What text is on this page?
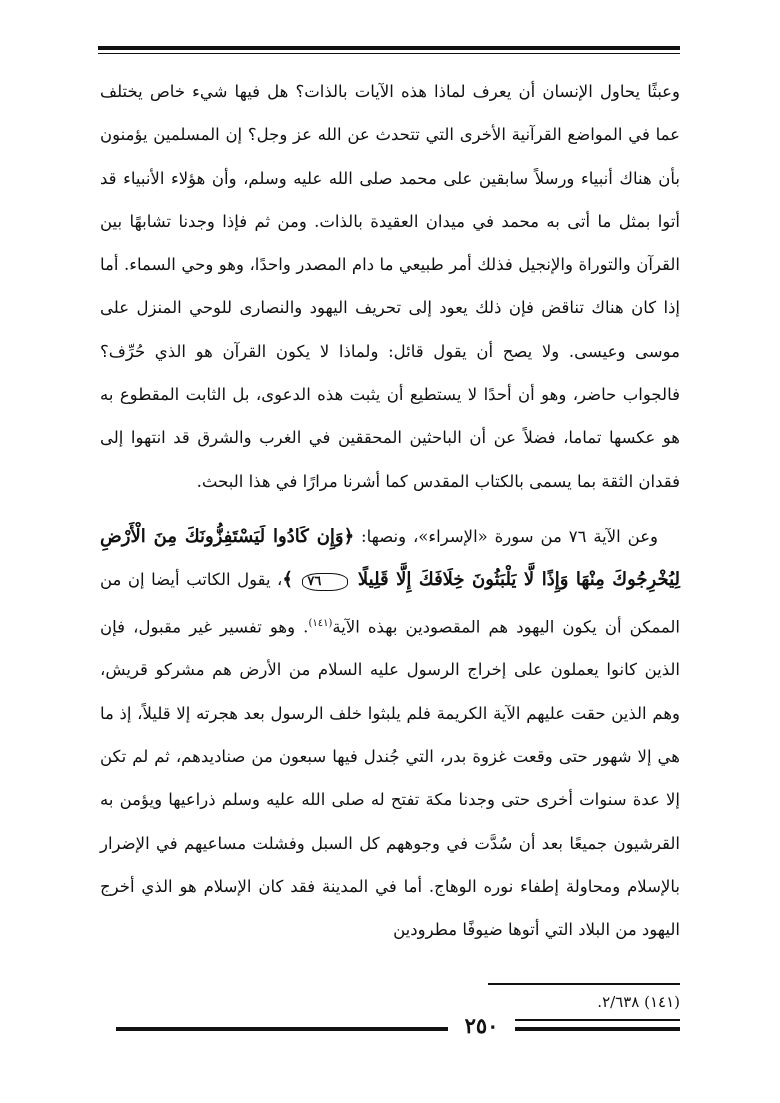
وعبثًا يحاول الإنسان أن يعرف لماذا هذه الآيات بالذات؟ هل فيها شيء خاص يختلف عما في المواضع القرآنية الأخرى التي تتحدث عن الله عز وجل؟ إن المسلمين يؤمنون بأن هناك أنبياء ورسلاً سابقين على محمد صلى الله عليه وسلم، وأن هؤلاء الأنبياء قد أتوا بمثل ما أتى به محمد في ميدان العقيدة بالذات. ومن ثم فإذا وجدنا تشابهًا بين القرآن والتوراة والإنجيل فذلك أمر طبيعي ما دام المصدر واحدًا، وهو وحي السماء. أما إذا كان هناك تناقض فإن ذلك يعود إلى تحريف اليهود والنصارى للوحي المنزل على موسى وعيسى. ولا يصح أن يقول قائل: ولماذا لا يكون القرآن هو الذي حُرِّف؟ فالجواب حاضر، وهو أن أحدًا لا يستطيع أن يثبت هذه الدعوى، بل الثابت المقطوع به هو عكسها تماما، فضلاً عن أن الباحثين المحققين في الغرب والشرق قد انتهوا إلى فقدان الثقة بما يسمى بالكتاب المقدس كما أشرنا مرارًا في هذا البحث.

وعن الآية ٧٦ من سورة «الإسراء»، ونصها: ﴿وَإِن كَادُوا لَيَسْتَفِزُّونَكَ مِنَ الْأَرْضِ لِيُخْرِجُوكَ مِنْهَا وَإِذًا لَّا يَلْبَثُونَ خِلَافَكَ إِلَّا قَلِيلًا ٧٦ ﴾، يقول الكاتب أيضا إن من الممكن أن يكون اليهود هم المقصودين بهذه الآية$^{(١٤١)}$. وهو تفسير غير مقبول، فإن الذين كانوا يعملون على إخراج الرسول عليه السلام من الأرض هم مشركو قريش، وهم الذين حقت عليهم الآية الكريمة فلم يلبثوا خلف الرسول بعد هجرته إلا قليلاً، إذ ما هي إلا شهور حتى وقعت غزوة بدر، التي جُندل فيها سبعون من صناديدهم، ثم لم تكن إلا عدة سنوات أخرى حتى وجدنا مكة تفتح له صلى الله عليه وسلم ذراعيها ويؤمن به القرشيون جميعًا بعد أن سُدَّت في وجوههم كل السبل وفشلت مساعيهم في الإضرار بالإسلام ومحاولة إطفاء نوره الوهاج. أما في المدينة فقد كان الإسلام هو الذي أخرج اليهود من البلاد التي أتوها ضيوفًا مطرودين

(١٤١) ٢/٦٣٨.
٢٥٠
